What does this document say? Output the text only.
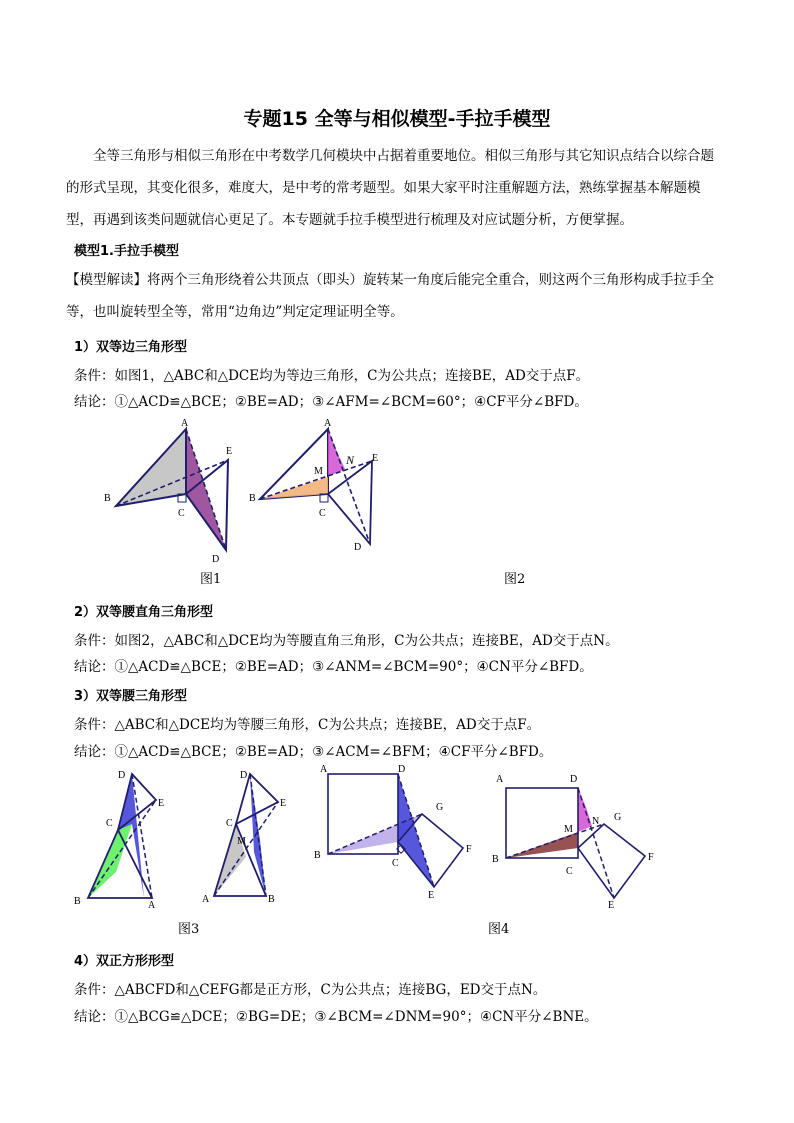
专题15 全等与相似模型-手拉手模型
全等三角形与相似三角形在中考数学几何模块中占据着重要地位。相似三角形与其它知识点结合以综合题的形式呈现，其变化很多，难度大，是中考的常考题型。如果大家平时注重解题方法，熟练掌握基本解题模型，再遇到该类问题就信心更足了。本专题就手拉手模型进行梳理及对应试题分析，方便掌握。
模型1.手拉手模型
【模型解读】将两个三角形绕着公共顶点（即头）旋转某一角度后能完全重合，则这两个三角形构成手拉手全等，也叫旋转型全等，常用“边角边”判定定理证明全等。
1）双等边三角形型
条件：如图1，△ABC和△DCE均为等边三角形，C为公共点；连接BE，AD交于点F。
结论：①△ACD≌△BCE；②BE=AD；③∠AFM=∠BCM=60°；④CF平分∠BFD。
A
B
C
D
E
A
B
C
D
E
M
N
图1	图2
2）双等腰直角三角形型
条件：如图2，△ABC和△DCE均为等腰直角三角形，C为公共点；连接BE，AD交于点N。
结论：①△ACD≌△BCE；②BE=AD；③∠ANM=∠BCM=90°；④CN平分∠BFD。
3）双等腰三角形型
条件：△ABC和△DCE均为等腰三角形，C为公共点；连接BE，AD交于点F。
结论：①△ACD≌△BCE；②BE=AD；③∠ACM=∠BFM；④CF平分∠BFD。
D
C
E
B	A
D
C
M
E
A	B
A	D
B
C
G
F
E
A	D
B
C
M
N G
F
E
图3	图4
4）双正方形形型
条件：△ABCFD和△CEFG都是正方形，C为公共点；连接BG，ED交于点N。
结论：①△BCG≌△DCE；②BG=DE；③∠BCM=∠DNM=90°；④CN平分∠BNE。
